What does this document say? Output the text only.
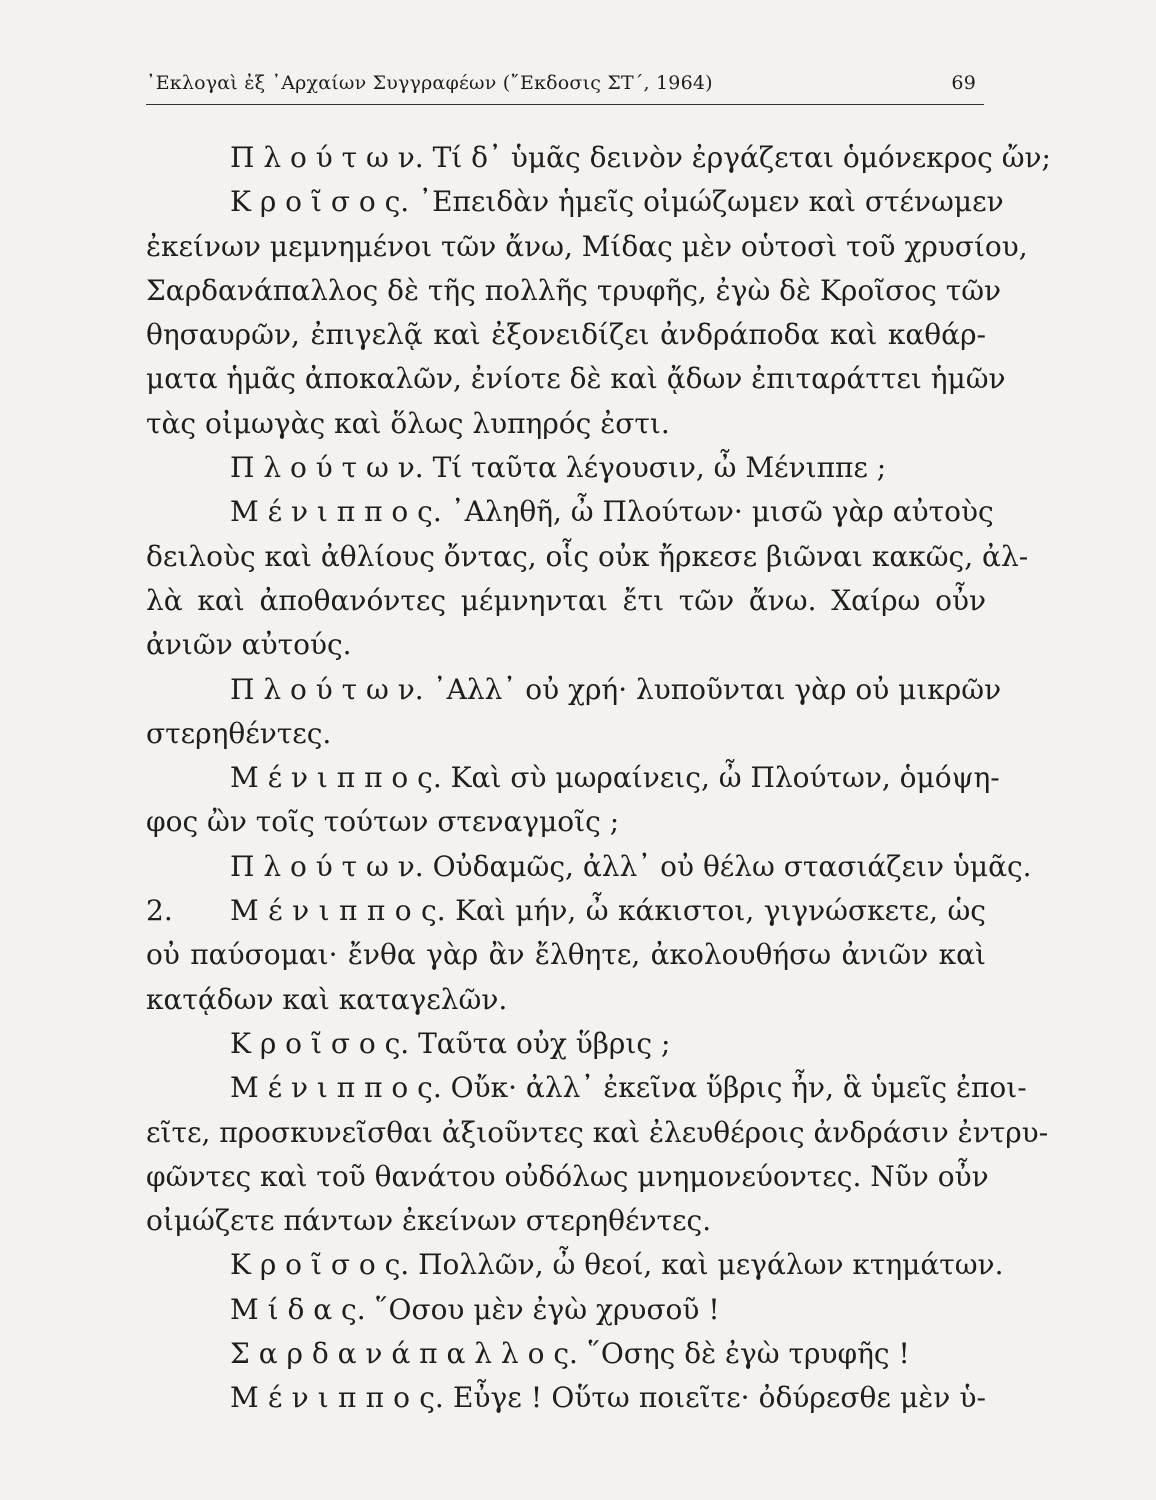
᾿Εκλογαὶ ἐξ ᾿Αρχαίων Συγγραφέων (῎Εκδοσις ΣΤ΄, 1964)	69
Π λ ο ύ τ ω ν. Τί δ᾿ ὑμᾶς δεινὸν ἐργάζεται ὁμόνεκρος ὤν;
Κ ρ ο ῖ σ ο ς. ᾿Επειδὰν ἡμεῖς οἰμώζωμεν καὶ στένωμεν
ἐκείνων μεμνημένοι τῶν ἄνω, Μίδας μὲν οὑτοσὶ τοῦ χρυσίου,
Σαρδανάπαλλος δὲ τῆς πολλῆς τρυφῆς, ἐγὼ δὲ Κροῖσος τῶν
θησαυρῶν, ἐπιγελᾷ καὶ ἐξονειδίζει ἀνδράποδα καὶ καθάρ-
ματα ἡμᾶς ἀποκαλῶν, ἐνίοτε δὲ καὶ ᾄδων ἐπιταράττει ἡμῶν
τὰς οἰμωγὰς καὶ ὅλως λυπηρός ἐστι.
Π λ ο ύ τ ω ν. Τί ταῦτα λέγουσιν, ὦ Μένιππε ;
Μ έ ν ι π π ο ς. ᾿Αληθῆ, ὦ Πλούτων· μισῶ γὰρ αὐτοὺς
δειλοὺς καὶ ἀθλίους ὄντας, οἷς οὐκ ἤρκεσε βιῶναι κακῶς, ἀλ-
λὰ καὶ ἀποθανόντες μέμνηνται ἔτι τῶν ἄνω. Χαίρω οὖν
ἀνιῶν αὐτούς.
Π λ ο ύ τ ω ν. ᾿Αλλ᾿ οὐ χρή· λυποῦνται γὰρ οὐ μικρῶν
στερηθέντες.
Μ έ ν ι π π ο ς. Καὶ σὺ μωραίνεις, ὦ Πλούτων, ὁμόψη-
φος ὢν τοῖς τούτων στεναγμοῖς ;
Π λ ο ύ τ ω ν. Οὐδαμῶς, ἀλλ᾿ οὐ θέλω στασιάζειν ὑμᾶς.
2. Μ έ ν ι π π ο ς. Καὶ μήν, ὦ κάκιστοι, γιγνώσκετε, ὡς
οὐ παύσομαι· ἔνθα γὰρ ἂν ἔλθητε, ἀκολουθήσω ἀνιῶν καὶ
κατᾴδων καὶ καταγελῶν.
Κ ρ ο ῖ σ ο ς. Ταῦτα οὐχ ὕβρις ;
Μ έ ν ι π π ο ς. Οὔκ· ἀλλ᾿ ἐκεῖνα ὕβρις ἦν, ἃ ὑμεῖς ἐποι-
εῖτε, προσκυνεῖσθαι ἀξιοῦντες καὶ ἐλευθέροις ἀνδράσιν ἐντρυ-
φῶντες καὶ τοῦ θανάτου οὐδόλως μνημονεύοντες. Νῦν οὖν
οἰμώζετε πάντων ἐκείνων στερηθέντες.
Κ ρ ο ῖ σ ο ς. Πολλῶν, ὦ θεοί, καὶ μεγάλων κτημάτων.
Μ ί δ α ς. ῞Οσου μὲν ἐγὼ χρυσοῦ !
Σ α ρ δ α ν ά π α λ λ ο ς. ῞Οσης δὲ ἐγὼ τρυφῆς !
Μ έ ν ι π π ο ς. Εὖγε ! Οὕτω ποιεῖτε· ὀδύρεσθε μὲν ὑ-
